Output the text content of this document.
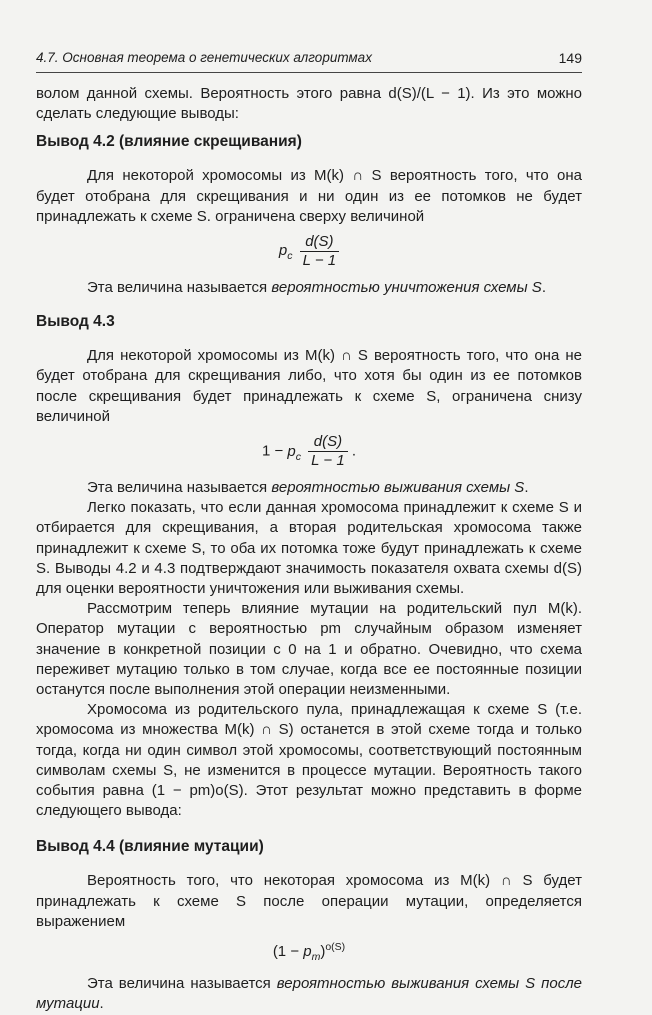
4.7. Основная теорема о генетических алгоритмах	149

волом данной схемы. Вероятность этого равна d(S)/(L − 1). Из это можно сделать следующие выводы:

Вывод 4.2 (влияние скрещивания)

Для некоторой хромосомы из M(k) ∩ S вероятность того, что она будет отобрана для скрещивания и ни один из ее потомков не будет принадлежать к схеме S. ограничена сверху величиной

$p_c \frac{d(S)}{L - 1}$

Эта величина называется вероятностью уничтожения схемы S.

Вывод 4.3

Для некоторой хромосомы из M(k) ∩ S вероятность того, что она не будет отобрана для скрещивания либо, что хотя бы один из ее потомков после скрещивания будет принадлежать к схеме S, ограничена снизу величиной

$1 - p_c \frac{d(S)}{L - 1}$ .

Эта величина называется вероятностью выживания схемы S.

Легко показать, что если данная хромосома принадлежит к схеме S и отбирается для скрещивания, а вторая родительская хромосома также принадлежит к схеме S, то оба их потомка тоже будут принадлежать к схеме S. Выводы 4.2 и 4.3 подтверждают значимость показателя охвата схемы d(S) для оценки вероятности уничтожения или выживания схемы.

Рассмотрим теперь влияние мутации на родительский пул M(k). Оператор мутации с вероятностью pm случайным образом изменяет значение в конкретной позиции с 0 на 1 и обратно. Очевидно, что схема переживет мутацию только в том случае, когда все ее постоянные позиции останутся после выполнения этой операции неизменными.

Хромосома из родительского пула, принадлежащая к схеме S (т.е. хромосома из множества M(k) ∩ S) останется в этой схеме тогда и только тогда, когда ни один символ этой хромосомы, соответствующий постоянным символам схемы S, не изменится в процессе мутации. Вероятность такого события равна (1 − pm)o(S). Этот результат можно представить в форме следующего вывода:

Вывод 4.4 (влияние мутации)

Вероятность того, что некоторая хромосома из M(k) ∩ S будет принадлежать к схеме S после операции мутации, определяется выражением

$(1 - p_m)^{o(S)}$

Эта величина называется вероятностью выживания схемы S после мутации.
